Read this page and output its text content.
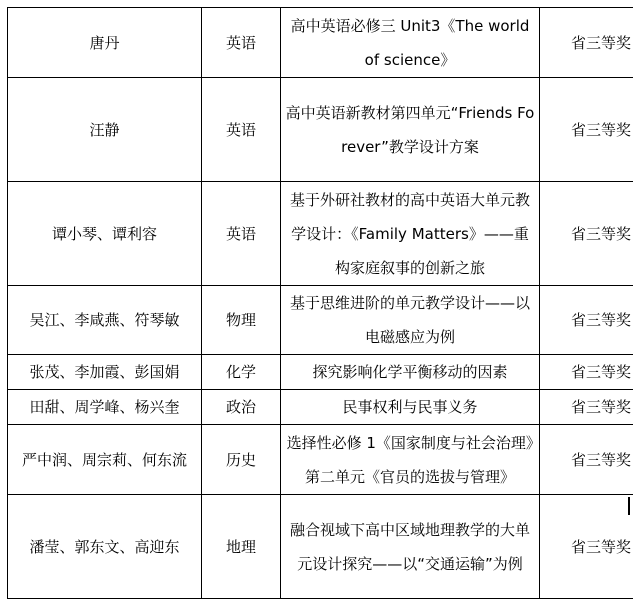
唐丹	英语	高中英语必修三 Unit3《The world of science》	省三等奖
汪静	英语	高中英语新教材第四单元“Friends Forever”教学设计方案	省三等奖
谭小琴、谭利容	英语	基于外研社教材的高中英语大单元教学设计：《Family Matters》——重构家庭叙事的创新之旅	省三等奖
吴江、李咸燕、符琴敏	物理	基于思维进阶的单元教学设计——以电磁感应为例	省三等奖
张茂、李加霞、彭国娟	化学	探究影响化学平衡移动的因素	省三等奖
田甜、周学峰、杨兴奎	政治	民事权利与民事义务	省三等奖
严中润、周宗莉、何东流	历史	选择性必修 1《国家制度与社会治理》第二单元《官员的选拔与管理》	省三等奖
潘莹、郭东文、高迎东	地理	融合视域下高中区域地理教学的大单元设计探究——以“交通运输”为例	省三等奖
